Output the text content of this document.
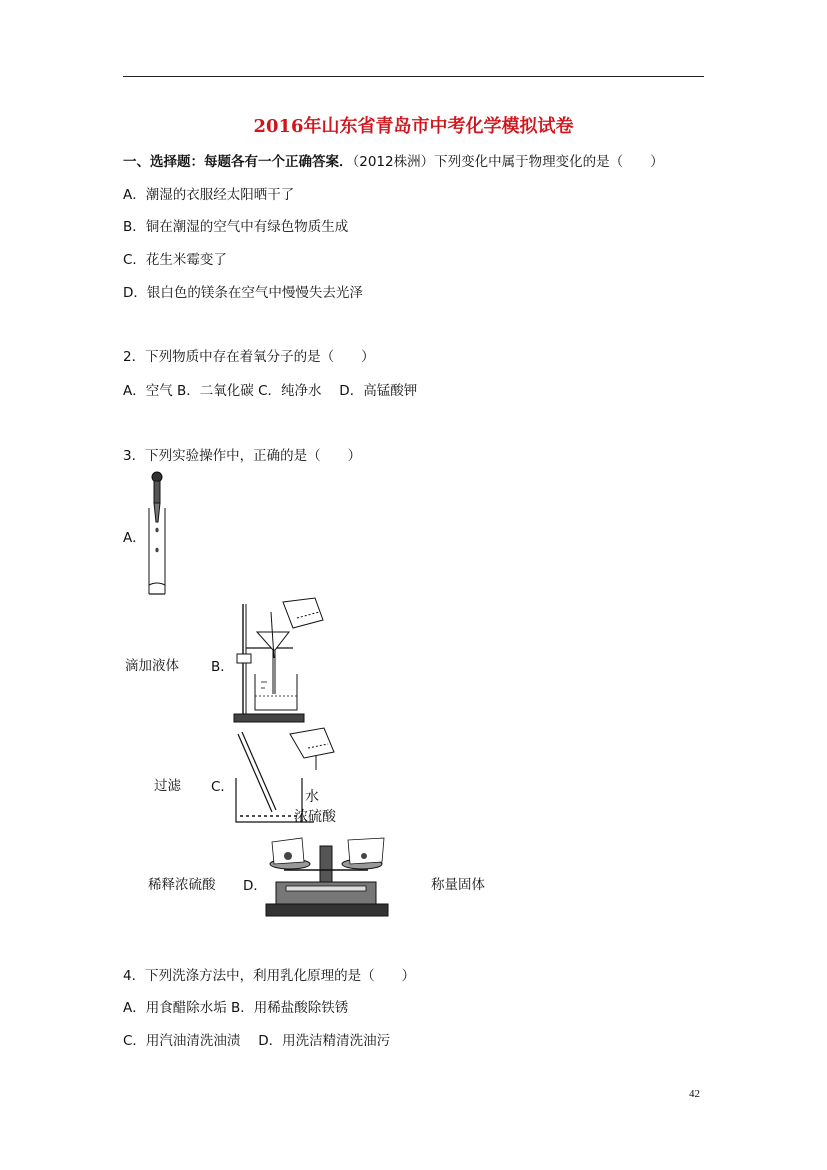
2016年山东省青岛市中考化学模拟试卷
一、选择题：每题各有一个正确答案．（2012株洲）下列变化中属于物理变化的是（　　）
A．潮湿的衣服经太阳晒干了
B．铜在潮湿的空气中有绿色物质生成
C．花生米霉变了
D．银白色的镁条在空气中慢慢失去光泽
2．下列物质中存在着氧分子的是（　　）
A．空气 B．二氧化碳 C．纯净水　 D．高锰酸钾
3．下列实验操作中，正确的是（　　）
A．
滴加液体 B．
过滤 C．
水
浓硫酸
稀释浓硫酸 D．	称量固体
4．下列洗涤方法中，利用乳化原理的是（　　）
A．用食醋除水垢 B．用稀盐酸除铁锈
C．用汽油清洗油渍　 D．用洗洁精清洗油污
42
